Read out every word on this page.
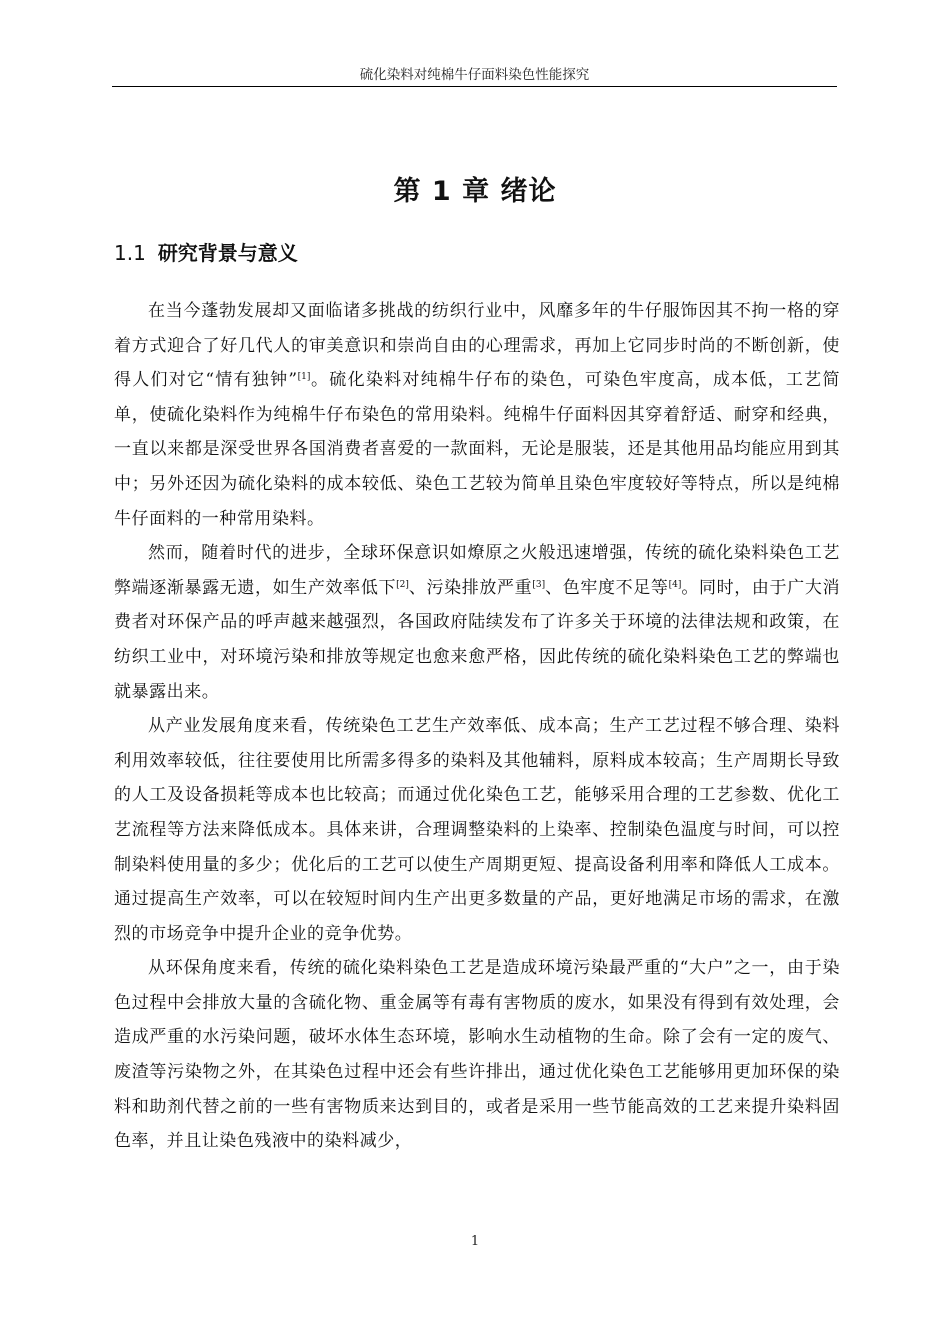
硫化染料对纯棉牛仔面料染色性能探究
第 1 章 绪论
1.1 研究背景与意义

在当今蓬勃发展却又面临诸多挑战的纺织行业中，风靡多年的牛仔服饰因其不拘一格的穿着方式迎合了好几代人的审美意识和崇尚自由的心理需求，再加上它同步时尚的不断创新，使得人们对它“情有独钟”[1]。硫化染料对纯棉牛仔布的染色，可染色牢度高，成本低，工艺简单，使硫化染料作为纯棉牛仔布染色的常用染料。纯棉牛仔面料因其穿着舒适、耐穿和经典，一直以来都是深受世界各国消费者喜爱的一款面料，无论是服装，还是其他用品均能应用到其中；另外还因为硫化染料的成本较低、染色工艺较为简单且染色牢度较好等特点，所以是纯棉牛仔面料的一种常用染料。

然而，随着时代的进步，全球环保意识如燎原之火般迅速增强，传统的硫化染料染色工艺弊端逐渐暴露无遗，如生产效率低下[2]、污染排放严重[3]、色牢度不足等[4]。同时，由于广大消费者对环保产品的呼声越来越强烈，各国政府陆续发布了许多关于环境的法律法规和政策，在纺织工业中，对环境污染和排放等规定也愈来愈严格，因此传统的硫化染料染色工艺的弊端也就暴露出来。

从产业发展角度来看，传统染色工艺生产效率低、成本高；生产工艺过程不够合理、染料利用效率较低，往往要使用比所需多得多的染料及其他辅料，原料成本较高；生产周期长导致的人工及设备损耗等成本也比较高；而通过优化染色工艺，能够采用合理的工艺参数、优化工艺流程等方法来降低成本。具体来讲，合理调整染料的上染率、控制染色温度与时间，可以控制染料使用量的多少；优化后的工艺可以使生产周期更短、提高设备利用率和降低人工成本。通过提高生产效率，可以在较短时间内生产出更多数量的产品，更好地满足市场的需求，在激烈的市场竞争中提升企业的竞争优势。

从环保角度来看，传统的硫化染料染色工艺是造成环境污染最严重的“大户”之一，由于染色过程中会排放大量的含硫化物、重金属等有毒有害物质的废水，如果没有得到有效处理，会造成严重的水污染问题，破坏水体生态环境，影响水生动植物的生命。除了会有一定的废气、废渣等污染物之外，在其染色过程中还会有些许排出，通过优化染色工艺能够用更加环保的染料和助剂代替之前的一些有害物质来达到目的，或者是采用一些节能高效的工艺来提升染料固色率，并且让染色残液中的染料减少，

1
